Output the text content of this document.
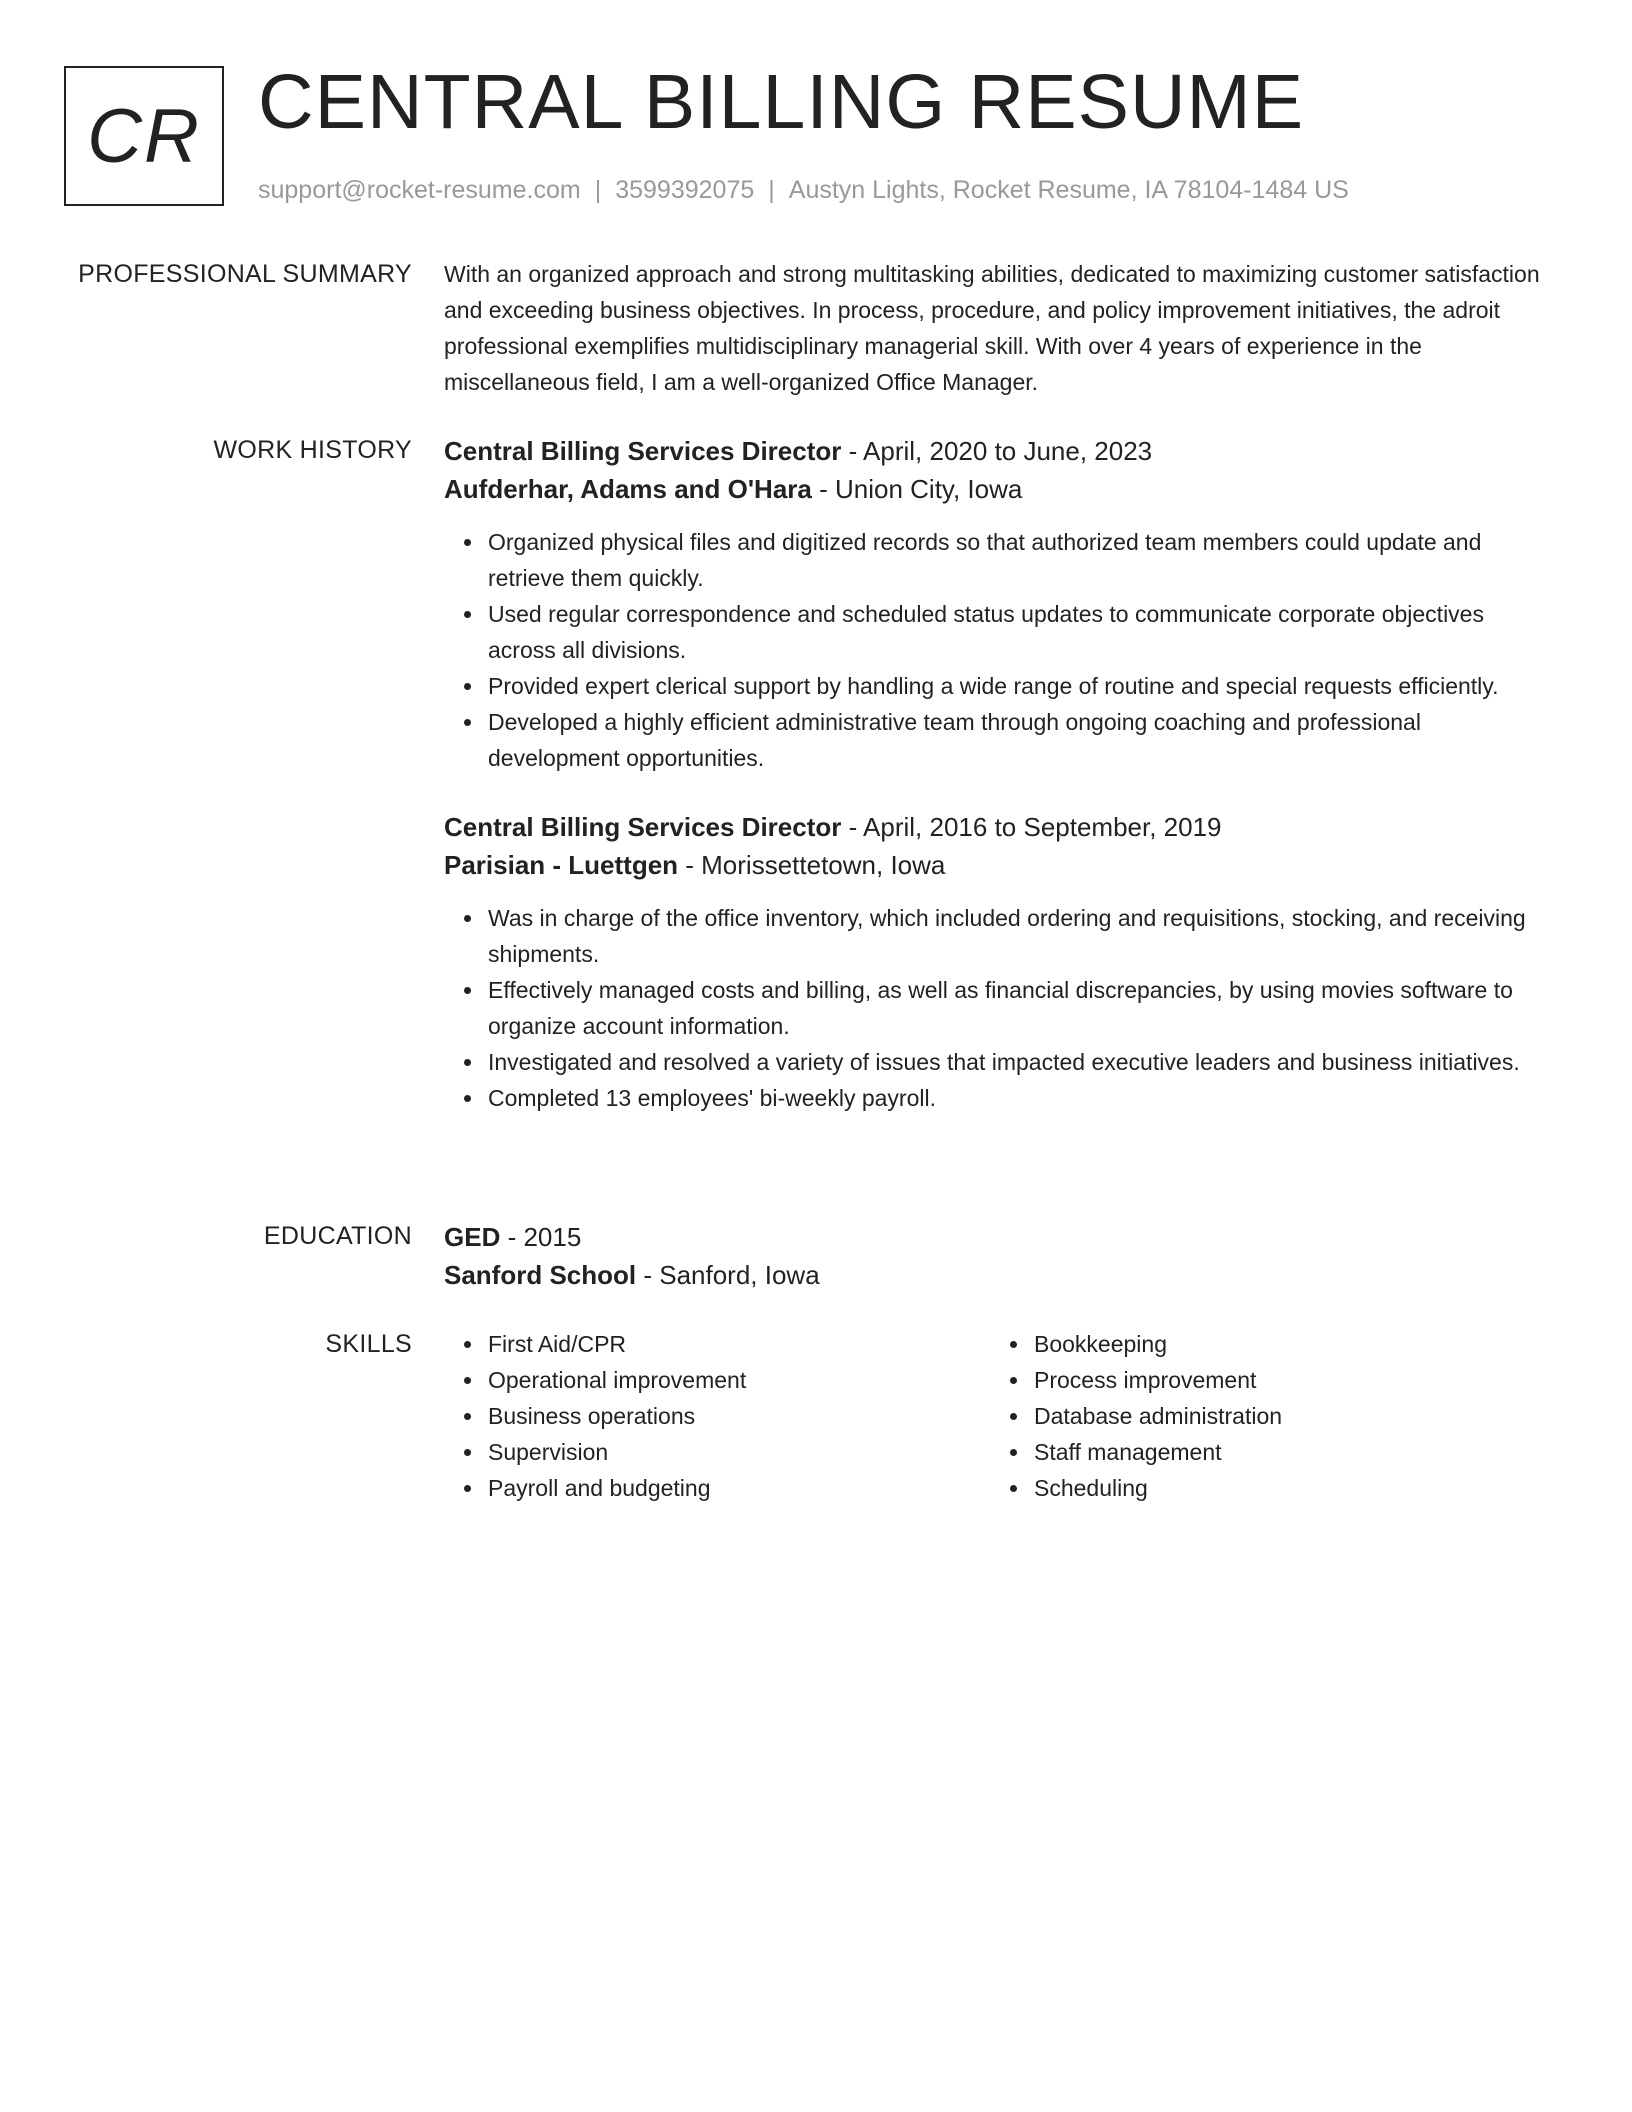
CR CENTRAL BILLING RESUME
support@rocket-resume.com | 3599392075 | Austyn Lights, Rocket Resume, IA 78104-1484 US
PROFESSIONAL SUMMARY With an organized approach and strong multitasking abilities, dedicated to maximizing customer satisfaction and exceeding business objectives. In process, procedure, and policy improvement initiatives, the adroit professional exemplifies multidisciplinary managerial skill. With over 4 years of experience in the miscellaneous field, I am a well-organized Office Manager.

WORK HISTORY Central Billing Services Director - April, 2020 to June, 2023
Aufderhar, Adams and O'Hara - Union City, Iowa
Organized physical files and digitized records so that authorized team members could update and retrieve them quickly.
Used regular correspondence and scheduled status updates to communicate corporate objectives across all divisions.
Provided expert clerical support by handling a wide range of routine and special requests efficiently.
Developed a highly efficient administrative team through ongoing coaching and professional development opportunities.
Central Billing Services Director - April, 2016 to September, 2019
Parisian - Luettgen - Morissettetown, Iowa
Was in charge of the office inventory, which included ordering and requisitions, stocking, and receiving shipments.
Effectively managed costs and billing, as well as financial discrepancies, by using movies software to organize account information.
Investigated and resolved a variety of issues that impacted executive leaders and business initiatives.
Completed 13 employees' bi-weekly payroll.
EDUCATION GED - 2015
Sanford School - Sanford, Iowa
SKILLS	First Aid/CPR
Operational improvement
Business operations
Supervision
Payroll and budgeting
Bookkeeping
Process improvement
Database administration
Staff management
Scheduling
